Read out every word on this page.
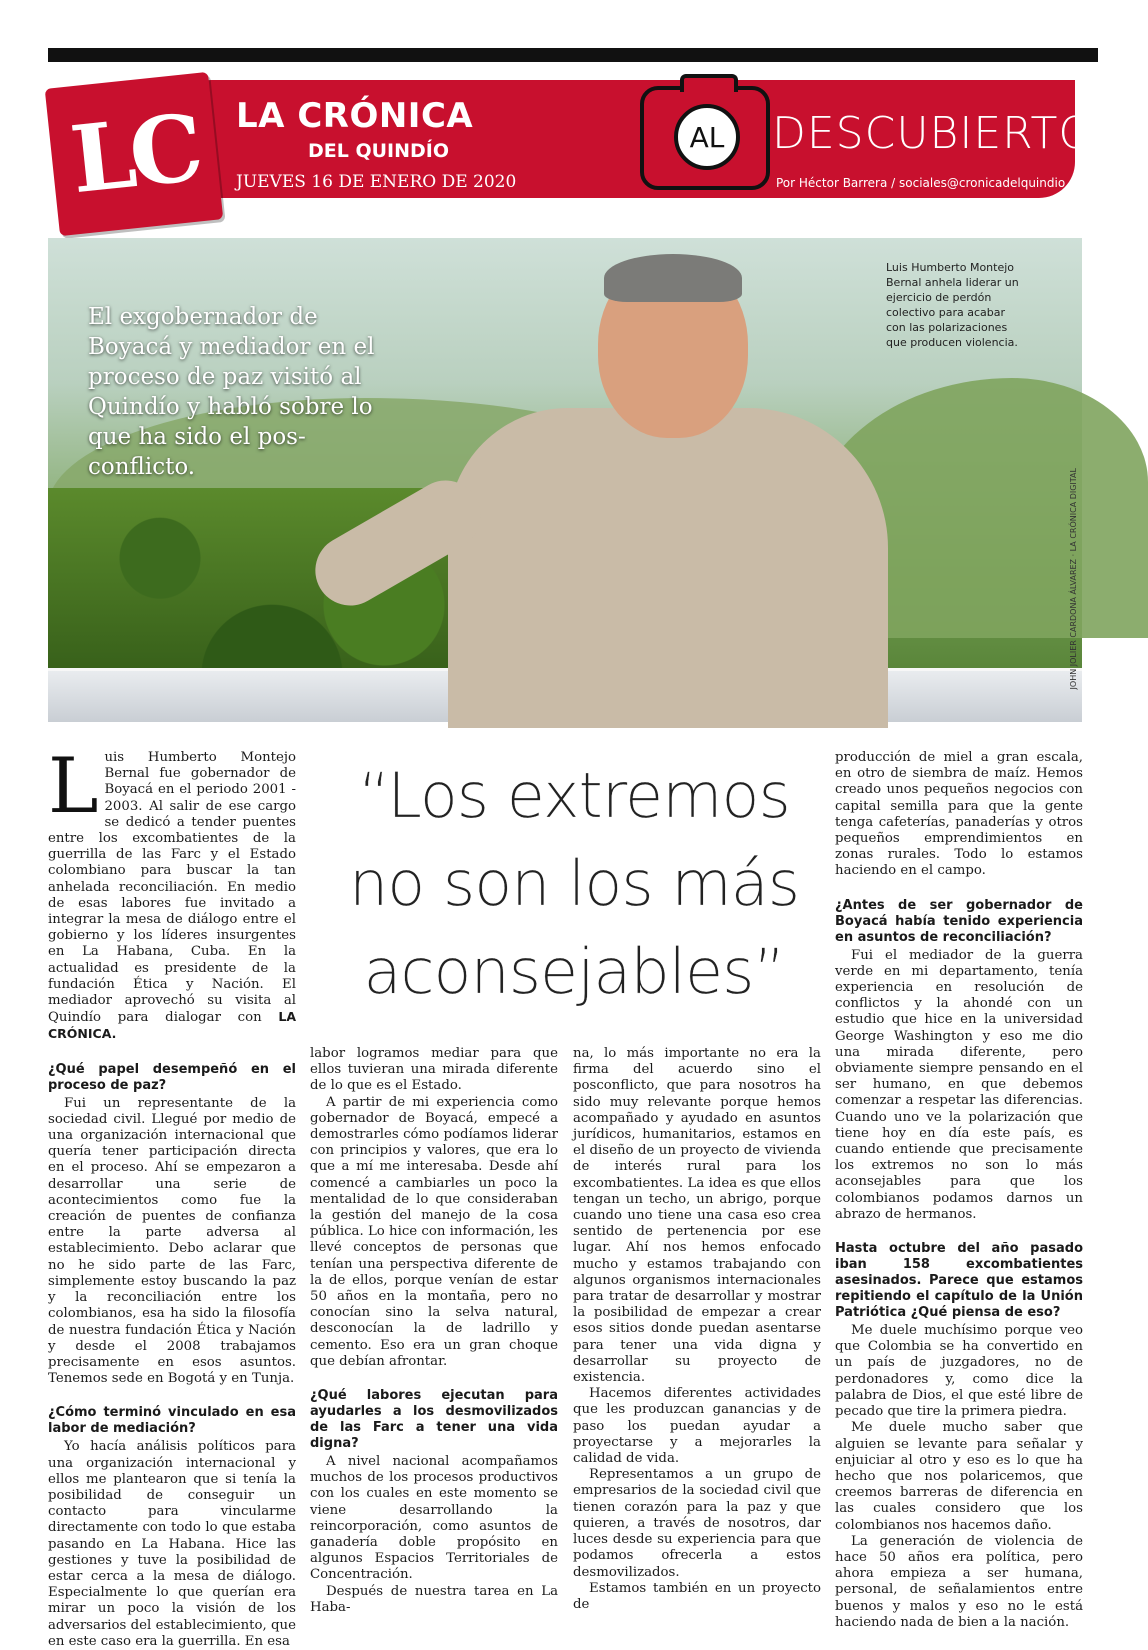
LC LA CRÓNICA
DEL QUINDÍO
JUEVES 16 DE ENERO DE 2020
AL DESCUBIERTO
Por Héctor Barrera / sociales@cronicadelquindio.com
JOHN JOLIER CARDONA ÁLVAREZ · LA CRÓNICA DIGITAL
El exgobernador de Boyacá y mediador en el proceso de paz visitó al Quindío y habló sobre lo que ha sido el pos-conflicto.
Luis Humberto Montejo Bernal anhela liderar un ejercicio de perdón colectivo para acabar con las polarizaciones que producen violencia.
“Los extremos no son los más aconsejables”

Luis Humberto Montejo Bernal fue gobernador de Boyacá en el periodo 2001 - 2003. Al salir de ese cargo se dedicó a tender puentes entre los excombatientes de la guerrilla de las Farc y el Estado colombiano para buscar la tan anhelada reconciliación. En medio de esas labores fue invitado a integrar la mesa de diálogo entre el gobierno y los líderes insurgentes en La Habana, Cuba. En la actualidad es presidente de la fundación Ética y Nación. El mediador aprovechó su visita al Quindío para dialogar con LA CRÓNICA.

¿Qué papel desempeñó en el proceso de paz?

Fui un representante de la sociedad civil. Llegué por medio de una organización internacional que quería tener participación directa en el proceso. Ahí se empezaron a desarrollar una serie de acontecimientos como fue la creación de puentes de confianza entre la parte adversa al establecimiento. Debo aclarar que no he sido parte de las Farc, simplemente estoy buscando la paz y la reconciliación entre los colombianos, esa ha sido la filosofía de nuestra fundación Ética y Nación y desde el 2008 trabajamos precisamente en esos asuntos. Tenemos sede en Bogotá y en Tunja.

¿Cómo terminó vinculado en esa labor de mediación?

Yo hacía análisis políticos para una organización internacional y ellos me plantearon que si tenía la posibilidad de conseguir un contacto para vincularme directamente con todo lo que estaba pasando en La Habana. Hice las gestiones y tuve la posibilidad de estar cerca a la mesa de diálogo. Especialmente lo que querían era mirar un poco la visión de los adversarios del establecimiento, que en este caso era la guerrilla. En esa

labor logramos mediar para que ellos tuvieran una mirada diferente de lo que es el Estado.

A partir de mi experiencia como gobernador de Boyacá, empecé a demostrarles cómo podíamos liderar con principios y valores, que era lo que a mí me interesaba. Desde ahí comencé a cambiarles un poco la mentalidad de lo que consideraban la gestión del manejo de la cosa pública. Lo hice con información, les llevé conceptos de personas que tenían una perspectiva diferente de la de ellos, porque venían de estar 50 años en la montaña, pero no conocían sino la selva natural, desconocían la de ladrillo y cemento. Eso era un gran choque que debían afrontar.

¿Qué labores ejecutan para ayudarles a los desmovilizados de las Farc a tener una vida digna?

A nivel nacional acompañamos muchos de los procesos productivos con los cuales en este momento se viene desarrollando la reincorporación, como asuntos de ganadería doble propósito en algunos Espacios Territoriales de Concentración.

Después de nuestra tarea en La Haba-

na, lo más importante no era la firma del acuerdo sino el posconflicto, que para nosotros ha sido muy relevante porque hemos acompañado y ayudado en asuntos jurídicos, humanitarios, estamos en el diseño de un proyecto de vivienda de interés rural para los excombatientes. La idea es que ellos tengan un techo, un abrigo, porque cuando uno tiene una casa eso crea sentido de pertenencia por ese lugar. Ahí nos hemos enfocado mucho y estamos trabajando con algunos organismos internacionales para tratar de desarrollar y mostrar la posibilidad de empezar a crear esos sitios donde puedan asentarse para tener una vida digna y desarrollar su proyecto de existencia.

Hacemos diferentes actividades que les produzcan ganancias y de paso los puedan ayudar a proyectarse y a mejorarles la calidad de vida.

Representamos a un grupo de empresarios de la sociedad civil que tienen corazón para la paz y que quieren, a través de nosotros, dar luces desde su experiencia para que podamos ofrecerla a estos desmovilizados.

Estamos también en un proyecto de

producción de miel a gran escala, en otro de siembra de maíz. Hemos creado unos pequeños negocios con capital semilla para que la gente tenga cafeterías, panaderías y otros pequeños emprendimientos en zonas rurales. Todo lo estamos haciendo en el campo.

¿Antes de ser gobernador de Boyacá había tenido experiencia en asuntos de reconciliación?

Fui el mediador de la guerra verde en mi departamento, tenía experiencia en resolución de conflictos y la ahondé con un estudio que hice en la universidad George Washington y eso me dio una mirada diferente, pero obviamente siempre pensando en el ser humano, en que debemos comenzar a respetar las diferencias. Cuando uno ve la polarización que tiene hoy en día este país, es cuando entiende que precisamente los extremos no son lo más aconsejables para que los colombianos podamos darnos un abrazo de hermanos.

Hasta octubre del año pasado iban 158 excombatientes asesinados. Parece que estamos repitiendo el capítulo de la Unión Patriótica ¿Qué piensa de eso?

Me duele muchísimo porque veo que Colombia se ha convertido en un país de juzgadores, no de perdonadores y, como dice la palabra de Dios, el que esté libre de pecado que tire la primera piedra.

Me duele mucho saber que alguien se levante para señalar y enjuiciar al otro y eso es lo que ha hecho que nos polaricemos, que creemos barreras de diferencia en las cuales considero que los colombianos nos hacemos daño.

La generación de violencia de hace 50 años era política, pero ahora empieza a ser humana, personal, de señalamientos entre buenos y malos y eso no le está haciendo nada de bien a la nación.
